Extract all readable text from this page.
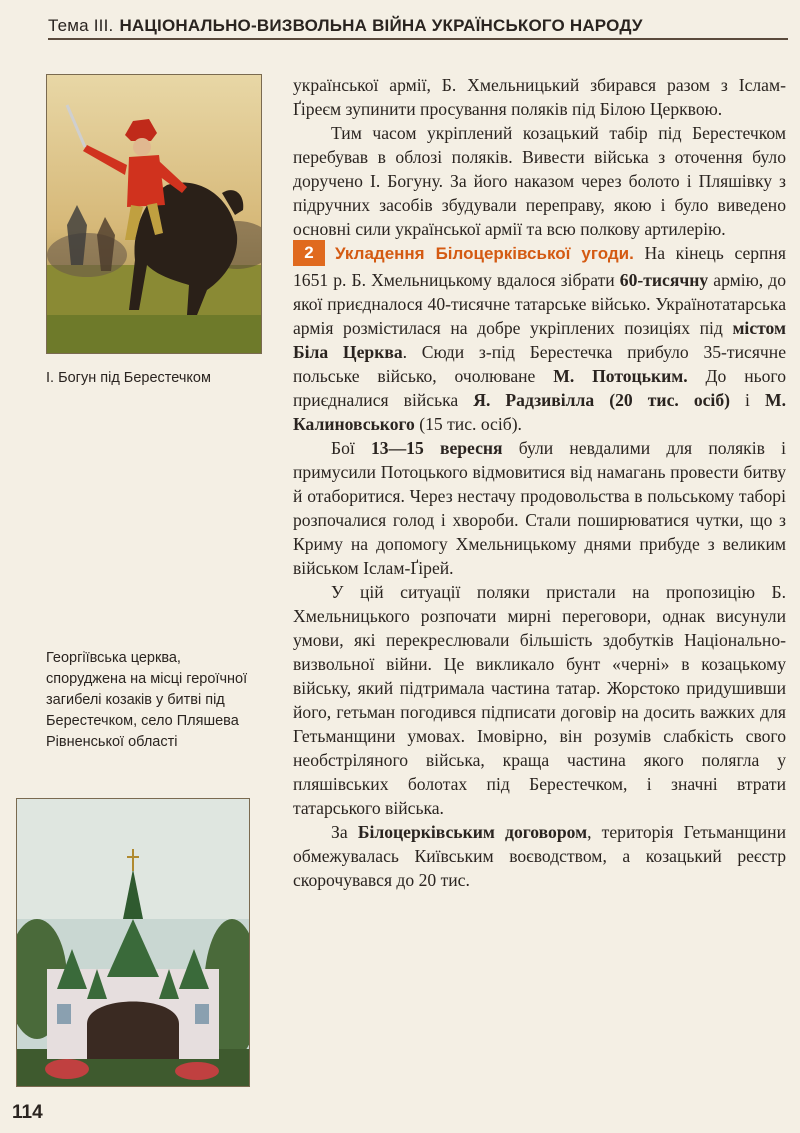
Тема III. НАЦІОНАЛЬНО-ВИЗВОЛЬНА ВІЙНА УКРАЇНСЬКОГО НАРОДУ
І. Богун під Берестечком
Георгіївська церква, споруджена на місці героїчної загибелі козаків у битві під Берестечком, село Пляшева Рівненської області

української армії, Б. Хмельницький збирався разом з Іслам-Ґіреєм зупинити просування поляків під Білою Церквою.

Тим часом укріплений козацький табір під Берестечком перебував в облозі поляків. Вивести війська з оточення було доручено І. Богуну. За його наказом через болото і Пляшівку з підручних засобів збудували переправу, якою і було виведено основні сили української армії та всю полкову артилерію.

2 Укладення Білоцерківської угоди. На кінець серпня 1651 р. Б. Хмельницькому вдалося зібрати 60-тисячну армію, до якої приєдналося 40-тисячне татарське військо. Українотатарська армія розмістилася на добре укріплених позиціях під містом Біла Церква. Сюди з-під Берестечка прибуло 35-тисячне польське військо, очолюване М. Потоцьким. До нього приєдналися війська Я. Радзивілла (20 тис. осіб) і М. Калиновського (15 тис. осіб).

Бої 13—15 вересня були невдалими для поляків і примусили Потоцького відмовитися від намагань провести битву й отаборитися. Через нестачу продовольства в польському таборі розпочалися голод і хвороби. Стали поширюватися чутки, що з Криму на допомогу Хмельницькому днями прибуде з великим військом Іслам-Ґірей.

У цій ситуації поляки пристали на пропозицію Б. Хмельницького розпочати мирні переговори, однак висунули умови, які перекреслювали більшість здобутків Національно-визвольної війни. Це викликало бунт «черні» в козацькому війську, який підтримала частина татар. Жорстоко придушивши його, гетьман погодився підписати договір на досить важких для Гетьманщини умовах. Імовірно, він розумів слабкість свого необстріляного війська, краща частина якого полягла у пляшівських болотах під Берестечком, і значні втрати татарського війська.

За Білоцерківським договором, територія Гетьманщини обмежувалась Київським воєводством, а козацький реєстр скорочувався до 20 тис.

114
